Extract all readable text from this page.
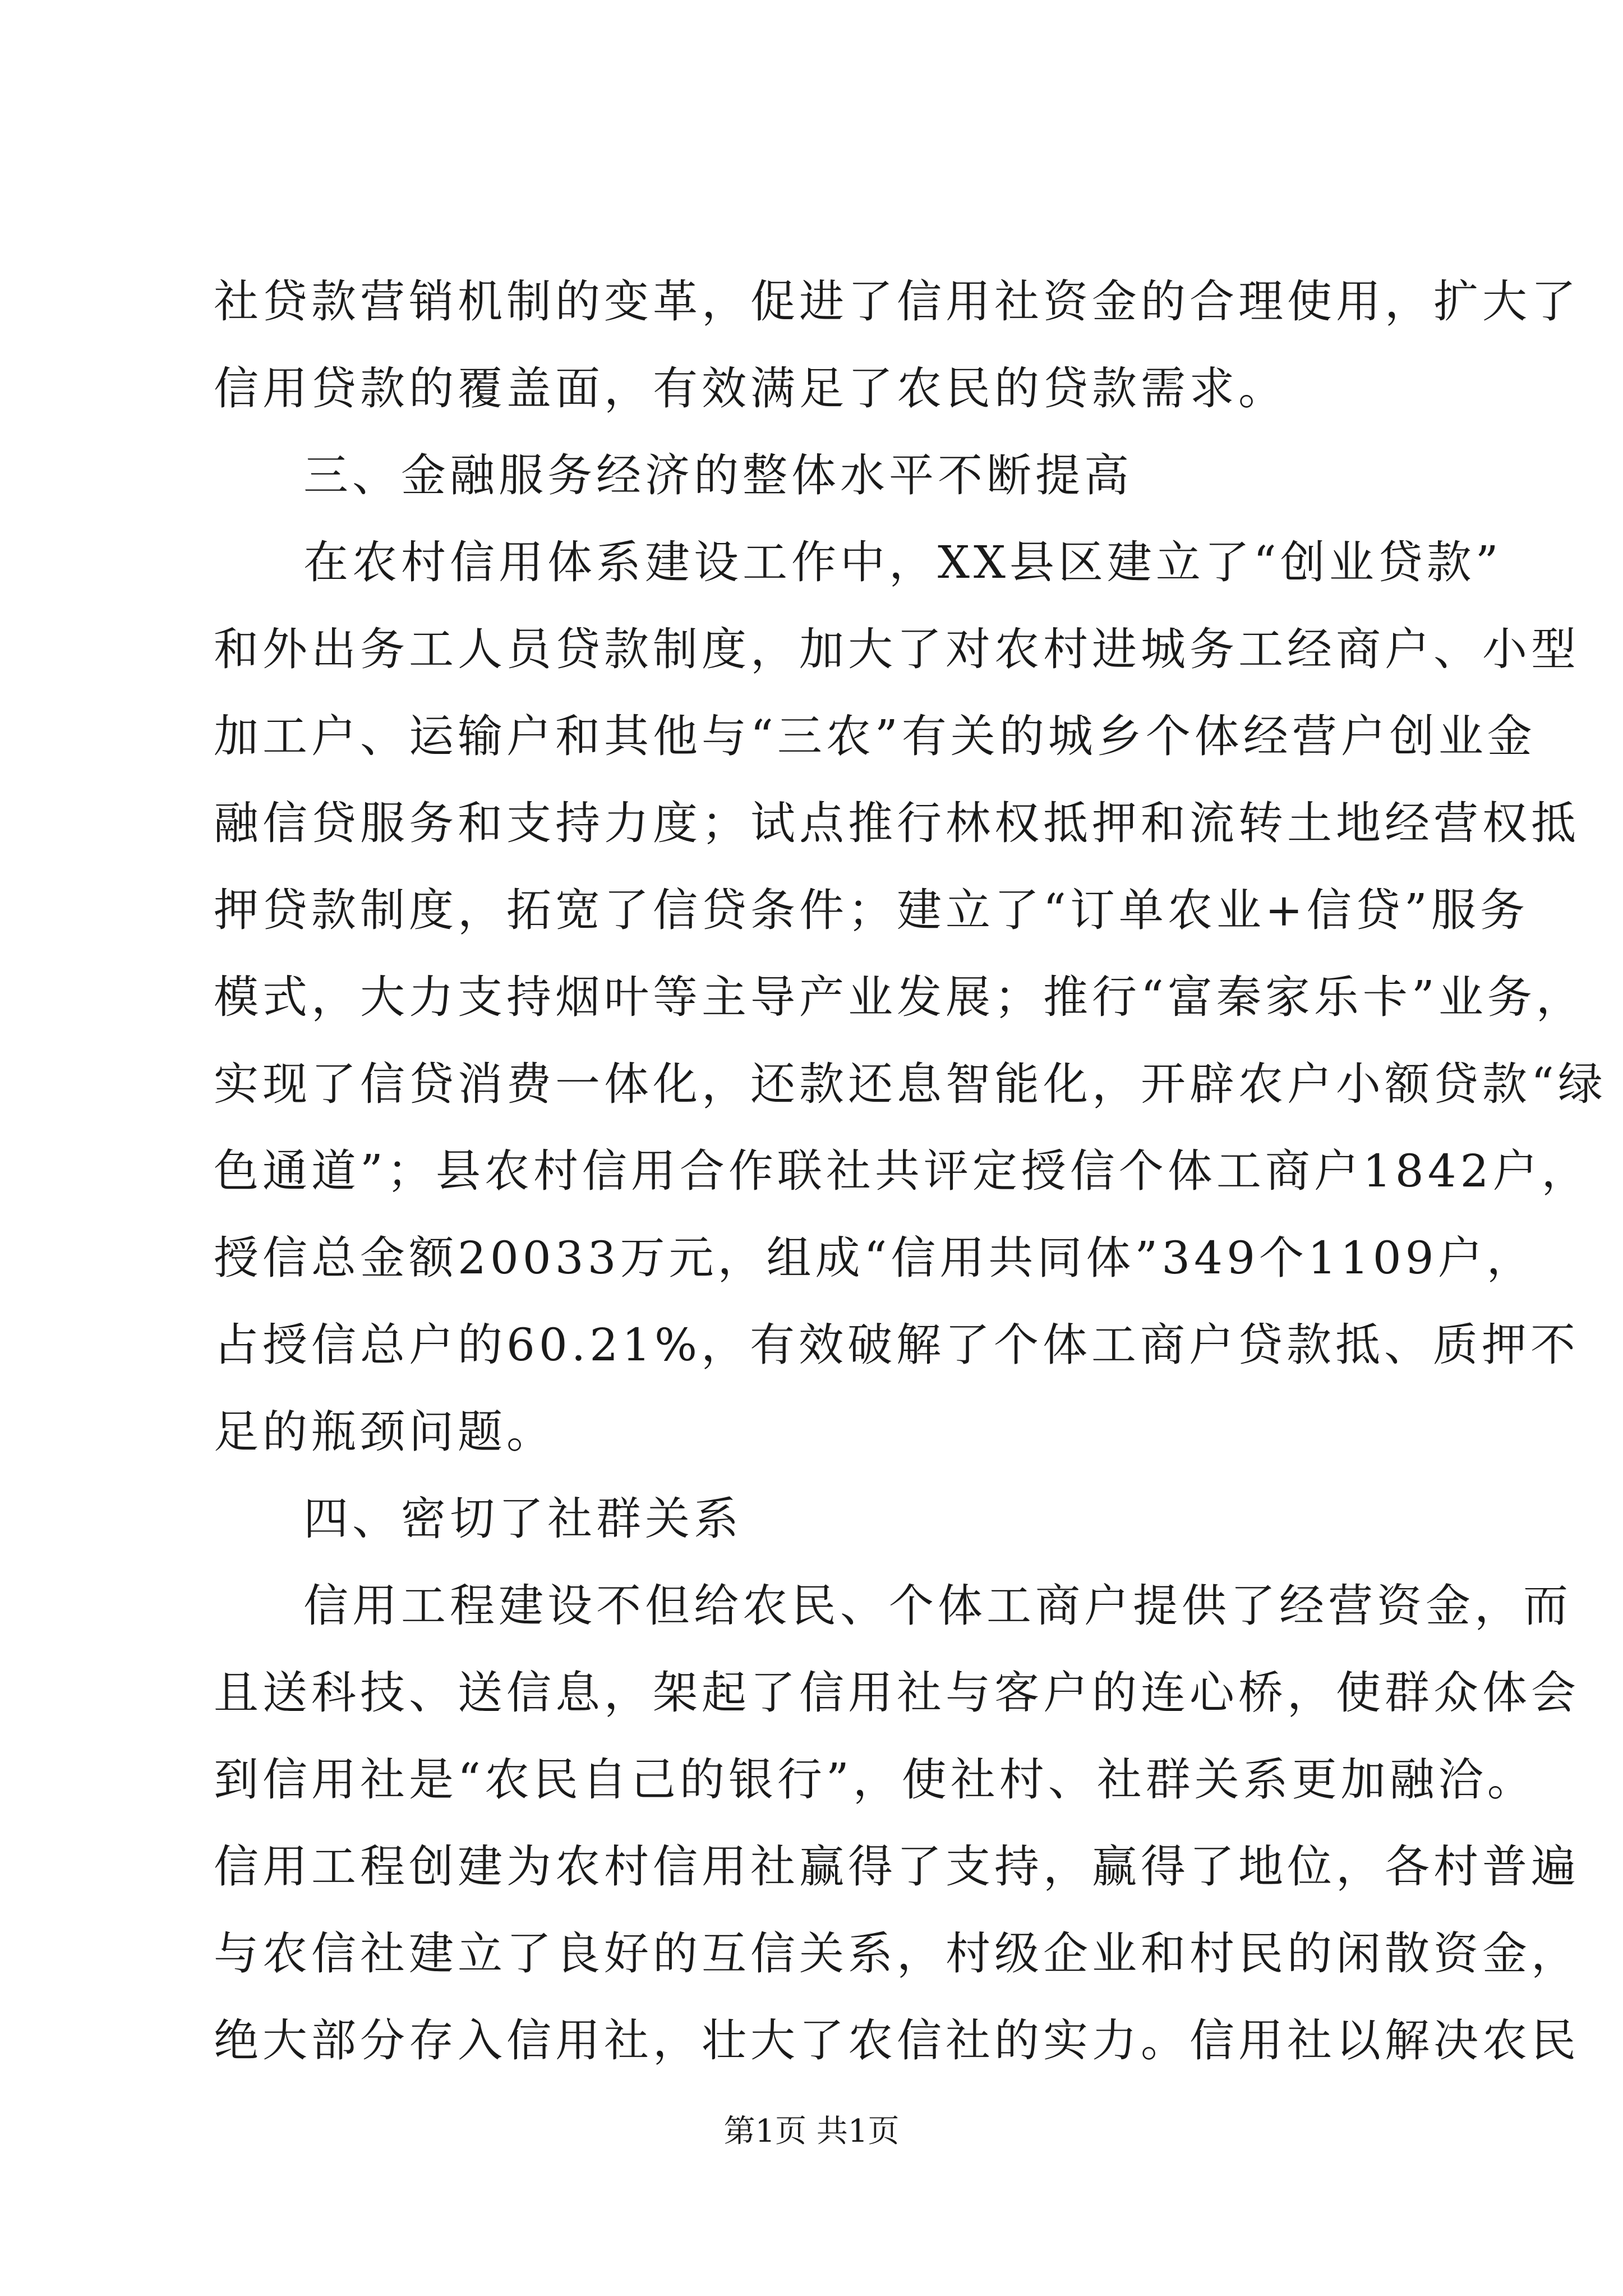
社贷款营销机制的变革，促进了信用社资金的合理使用，扩大了
信用贷款的覆盖面，有效满足了农民的贷款需求。
三、金融服务经济的整体水平不断提高
在农村信用体系建设工作中，XX县区建立了“创业贷款”
和外出务工人员贷款制度，加大了对农村进城务工经商户、小型
加工户、运输户和其他与“三农”有关的城乡个体经营户创业金
融信贷服务和支持力度；试点推行林权抵押和流转土地经营权抵
押贷款制度，拓宽了信贷条件；建立了“订单农业+信贷”服务
模式，大力支持烟叶等主导产业发展；推行“富秦家乐卡”业务，
实现了信贷消费一体化，还款还息智能化，开辟农户小额贷款“绿
色通道”；县农村信用合作联社共评定授信个体工商户1842户，
授信总金额20033万元，组成“信用共同体”349个1109户，
占授信总户的60.21%，有效破解了个体工商户贷款抵、质押不
足的瓶颈问题。
四、密切了社群关系
信用工程建设不但给农民、个体工商户提供了经营资金，而
且送科技、送信息，架起了信用社与客户的连心桥，使群众体会
到信用社是“农民自己的银行”，使社村、社群关系更加融洽。
信用工程创建为农村信用社赢得了支持，赢得了地位，各村普遍
与农信社建立了良好的互信关系，村级企业和村民的闲散资金，
绝大部分存入信用社，壮大了农信社的实力。信用社以解决农民
第1页 共1页
